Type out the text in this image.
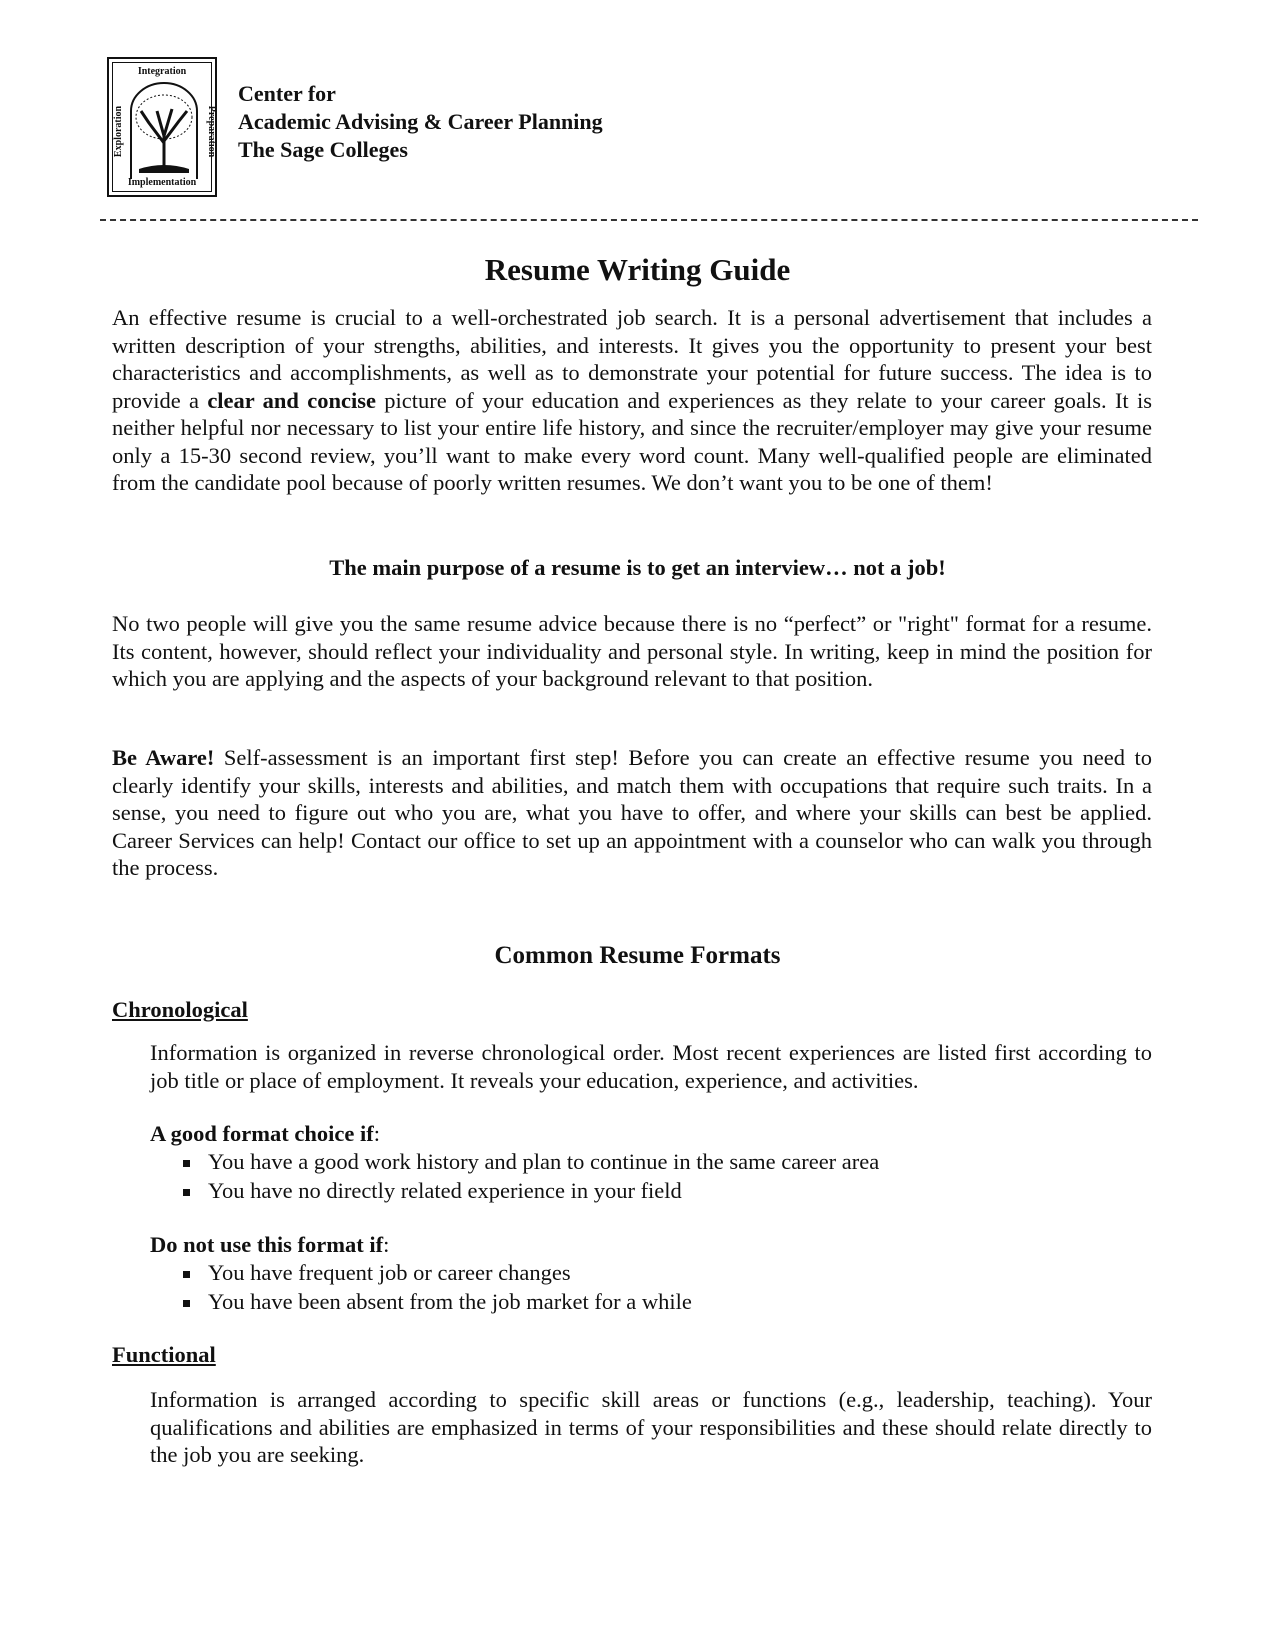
Integration
Exploration	Preparation
Implementation
Center for
Academic Advising & Career Planning
The Sage Colleges
Resume Writing Guide
An effective resume is crucial to a well-orchestrated job search. It is a personal advertisement that includes a written description of your strengths, abilities, and interests. It gives you the opportunity to present your best characteristics and accomplishments, as well as to demonstrate your potential for future success. The idea is to provide a clear and concise picture of your education and experiences as they relate to your career goals. It is neither helpful nor necessary to list your entire life history, and since the recruiter/employer may give your resume only a 15-30 second review, you’ll want to make every word count. Many well-qualified people are eliminated from the candidate pool because of poorly written resumes. We don’t want you to be one of them!
The main purpose of a resume is to get an interview… not a job!
No two people will give you the same resume advice because there is no “perfect” or "right" format for a resume. Its content, however, should reflect your individuality and personal style. In writing, keep in mind the position for which you are applying and the aspects of your background relevant to that position.
Be Aware! Self-assessment is an important first step! Before you can create an effective resume you need to clearly identify your skills, interests and abilities, and match them with occupations that require such traits. In a sense, you need to figure out who you are, what you have to offer, and where your skills can best be applied. Career Services can help! Contact our office to set up an appointment with a counselor who can walk you through the process.
Common Resume Formats
Chronological
Information is organized in reverse chronological order. Most recent experiences are listed first according to job title or place of employment. It reveals your education, experience, and activities.
A good format choice if:
You have a good work history and plan to continue in the same career area
You have no directly related experience in your field
Do not use this format if:
You have frequent job or career changes
You have been absent from the job market for a while
Functional
Information is arranged according to specific skill areas or functions (e.g., leadership, teaching). Your qualifications and abilities are emphasized in terms of your responsibilities and these should relate directly to the job you are seeking.
